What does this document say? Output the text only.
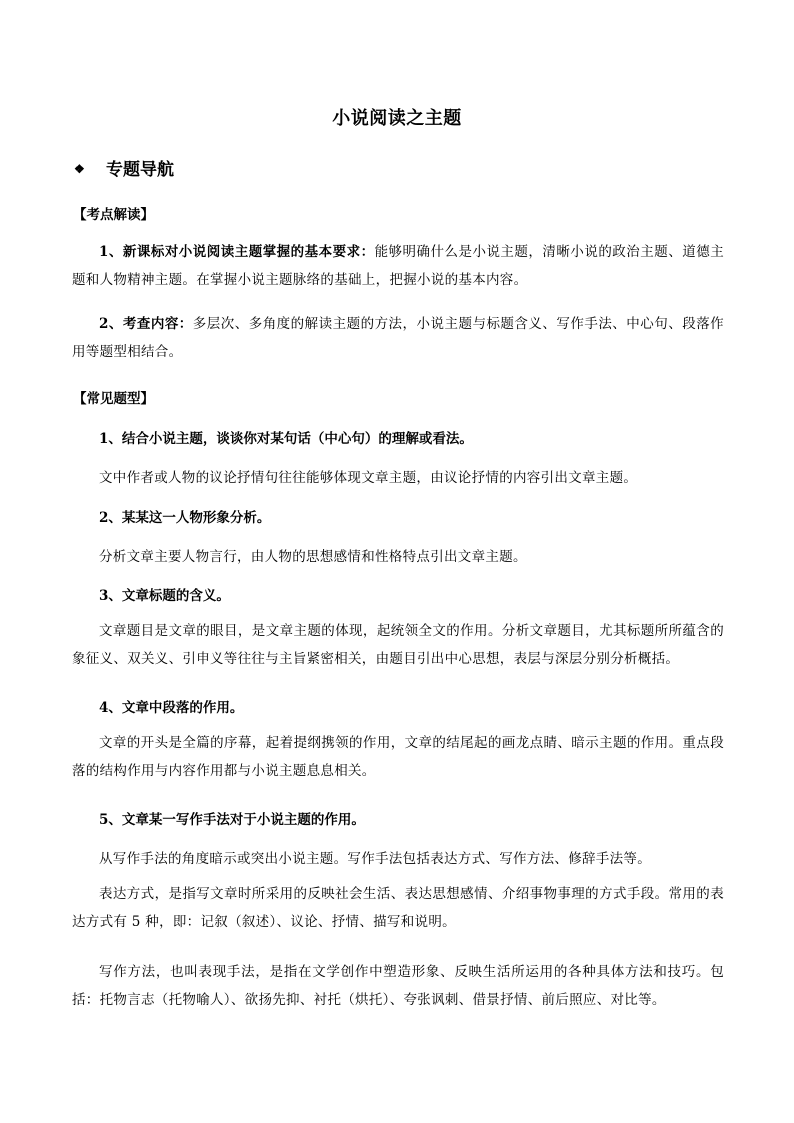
小说阅读之主题
❖ 专题导航
【考点解读】
1、新课标对小说阅读主题掌握的基本要求：能够明确什么是小说主题，清晰小说的政治主题、道德主题和人物精神主题。在掌握小说主题脉络的基础上，把握小说的基本内容。
2、考查内容：多层次、多角度的解读主题的方法，小说主题与标题含义、写作手法、中心句、段落作用等题型相结合。
【常见题型】
1、结合小说主题，谈谈你对某句话（中心句）的理解或看法。
文中作者或人物的议论抒情句往往能够体现文章主题，由议论抒情的内容引出文章主题。
2、某某这一人物形象分析。
分析文章主要人物言行，由人物的思想感情和性格特点引出文章主题。
3、文章标题的含义。
文章题目是文章的眼目，是文章主题的体现，起统领全文的作用。分析文章题目，尤其标题所所蕴含的象征义、双关义、引申义等往往与主旨紧密相关，由题目引出中心思想，表层与深层分别分析概括。
4、文章中段落的作用。
文章的开头是全篇的序幕，起着提纲携领的作用，文章的结尾起的画龙点睛、暗示主题的作用。重点段落的结构作用与内容作用都与小说主题息息相关。
5、文章某一写作手法对于小说主题的作用。
从写作手法的角度暗示或突出小说主题。写作手法包括表达方式、写作方法、修辞手法等。
表达方式，是指写文章时所采用的反映社会生活、表达思想感情、介绍事物事理的方式手段。常用的表达方式有 5 种，即：记叙（叙述）、议论、抒情、描写和说明。
写作方法，也叫表现手法，是指在文学创作中塑造形象、反映生活所运用的各种具体方法和技巧。包括：托物言志（托物喻人）、欲扬先抑、衬托（烘托）、夸张讽刺、借景抒情、前后照应、对比等。
